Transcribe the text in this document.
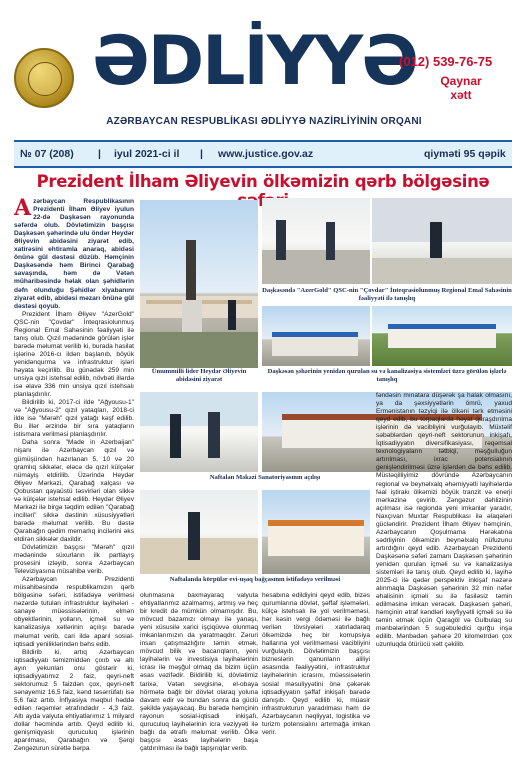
ƏDLİYYƏ
(012) 539-76-75
Qaynar
xətt
AZƏRBAYCAN RESPUBLİKASI ƏDLİYYƏ NAZİRLİYİNİN ORQANI
№ 07 (208) | iyul 2021-ci il | www.justice.gov.az	qiyməti 95 qəpik
Prezident İlham Əliyevin ölkəmizin qərb bölgəsinə

Azərbaycan Respublikasının Prezidenti İlham Əliyev iyulun 22-də Daşkəsən rayonunda səfərdə olub. Dövlətimizin başçısı Daşkəsən şəhərində ulu öndər Heydər Əliyevin abidəsini ziyarət edib, xatirəsini ehtiramla anaraq, abidəsi önünə gül dəstəsi düzüb. Həmçinin Daşkəsəndə həm Birinci Qarabağ savaşında, həm də Vətən müharibəsində həlak olan şəhidlərin dəfn olunduğu Şəhidlər xiyabanını ziyarət edib, abidəsi məzarı önünə gül dəstəsi qoyub.

Prezident İlham Əliyev "AzerGold" QSC-nin "Çovdar" İnteqrasiolunmuş Regional Emal Sahəsinin fəaliyyəti ilə tanış olub. Qızıl mədəninde görülən işlər barədə məlumat verilib ki, burada hasilat işlərinə 2016-cı ildən başlanıb, böyük yenidənqurma və infrastruktur işləri həyata keçirilib. Bu günədək 259 min unsiya qızıl istehsal edilib, növbəti illərdə isə əlavə 336 min unsiya qızıl istehsalı planlaşdırılır.

Bildirilib ki, 2017-ci ilde "Ağyousu-1" və "Ağyousu-2" qızıl yataqları, 2018-ci ilde isə "Mərəh" qızıl yatağı kəşf edilib. Bu illər ərzində bir sıra yataqların istismara verilməsi planlaşdırılır.

Daha sonra "Made in Azerbaijan" nişanı ilə Azərbaycan qızıl və gümüşündən hazırlanan 5, 10 və 20 qramlıq sikkələr, eləcə də qızıl külçələr nümayiş etdirilib. Üzərində Heydər Əliyev Mərkəzi, Qarabağ xalçası və Qobustan qayaüstü təsvirləri olan sikkə və külçələr istehsal edilib. Heydər Əliyev Mərkəzi ilə birgə təqdim edilən "Qarabağ incilləri" sikkə dəstinin xüsusiyyətləri barədə məlumat verilib. Bu dəstə Qarabağın qədim memarlıq incilərini əks etdirən sikkələr daxildir.

Dövlətimizin başçısı "Mərəh" qızıl mədənində süxurların ilk partlayış prosesini izləyib, sonra Azərbaycan Televiziyasına müsahibə verib.

Azərbaycan Prezidenti müsahibəsində respublikamızın qərb bölgəsinə səfəri, istifadəyə verilməsi nəzərdə tutulan infrastruktur layihələri - sanaye müəssisələrinin, elmən obyektlərinin, yolların, içməli su və kanalizasiya xətlərinin açılışı barədə məlumat verib, cari ildə aparıl sosial-iqtisadi yeniliklərindən bəhs edib.

Bildirib ki, artıq Azərbaycan iqtisadiyyatı təmizmiddən çıxıb və altı ayın yekunları onu göstərir ki, iqtisadiyyatımız 2 faiz, qeyri-neft sektorumuz 5 faizdən çox, qeyri-neft sənayemiz 16,5 faiz, kənd təsərrüfatı isə 5,6 faiz artıb. İnflyasiya məqbul həddə edilən rəqəmlər ətrafındadır - 4,3 faiz. Altı ayda valyuta ehtiyatlarımız 1 milyard dollar həcmində artıb. Qeyd edilib ki, genişmiqyaslı quruculuq işlərinin aparılması, Qarabağın və Şərqi Zəngəzurun sürətlə bərpa

Ümummilli lider Heydər Əliyevin abidəsini ziyarət
Daşkəsəndə "AzerGold" QSC-nin "Çovdar" İnteqrasiolunmuş Regional Emal Sahəsinin fəaliyyəti ilə tanışlıq
Daşkəsən şəhərinin yenidən qurulan su və kanalizasiya sistemləri üzrə görülən işlərlə tanışlıq
Naftalan Məkəzi Sanatoriyasının açılışı
Naftalanda körpülər evi-uşaq bağçasının istifadəyə verilməsi

olunmasına baxmayaraq valyuta ehtiyatlarımız azalmamış, artmış və heç bir kredit də mümkün olmamışdır. Bu, mövcud bazamızı olmayı ilə yanaşı, yeni xüsusilə xarici işçiqüvvə olunmaq imkanlarımızın da yaratmaqdır. Zəruri insan çatışmazlığını təmin etmək, mövcud bilik və bacarıqların, yeni layihələrin və investisiya layihələrinin icrası ilə məşğul olmaq da bizim üçün əsas vəzifədir. Bildirilib ki, dövlətimiz tarixə, Vətən sevgisinə, el-obaya hörmətə bağlı bir dövlət olaraq yoluna davam edir və bundan sonra da güclü şəkildə yaşayacaq. Bu barədə həmçinin rayonun sosial-iqtisadi inkişafı, quruculuq layihələrinin icra vəziyyəti ilə bağlı da ətraflı məlumat verilib. Ölkə başçısı əsas layihələrin başa çatdırılması ilə bağlı tapşırıqlar verib.

hesabına edildiyini qeyd edib, bizəs qurumlarına dövlət, şəffaf işləmələri, külçə istehsalı ilə yol verilməməsi, hər kəsin vergi ödəməsi ilə bağlı verilən tövsiyələri xatırladaraq ölkəmizdə heç bir korrupsiya hallarına yol verilməməsi vacibliyini vurğulayıb. Dövlətimizin başçısı bizneslərin qanunların aliliyi əsasında fəaliyyətini, infrastruktur layihələrinin icrasını, müəssisələrin sosial məsuliyyətini önə çəkərək iqtisadiyyatın şəffaf inkişafı barədə danışıb. Qeyd edilib ki, müasir infrastrukturun yaradılması həm də Azərbaycanın nəqliyyat, logistika və turizm potensialını artırmağa imkan verir.

fəndəsin mınatara düşərək şa halak olmasını, ya da şəxsiyyətlərin ömrü, yaxud Ermənistanın təzyiqi ilə ölkəni tərk etməsini qeyd edib, bu torpaqlarda həyat quraşdırılma işlərinin də vacibliyini vurğulayıb. Müxtəlif səbəblərdən qeyri-neft sektorunun inkişafı, İqtisadiyyatın diversifikasiyası, rəqəmsal texnologiyaların tətbiqi, məşğulluğun artırılması, ixrac potensialının genişləndirilməsi üzrə işlərdən də bəhs edilib. Müstəqilliyimiz dövründə Azərbaycanın regional və beynəlxalq əhəmiyyətli layihələrdə fəal iştirakı ölkəmizi böyük tranzit və enerji mərkəzinə çevirib. Zəngəzur dəhlizinin açılması isə regionda yeni imkanlar yaradır, Naxçıvan Muxtar Respublikası ilə əlaqələri gücləndirir. Prezident İlham Əliyev həmçinin, Azərbaycanın Qoşulmama Hərəkatına sədrliyinin ölkəmizin beynəlxalq nüfuzunu artırdığını qeyd edib. Azərbaycan Prezidenti Daşkəsənə səfəri zamanı Daşkəsən şəhərinin yenidən qurulan içməli su və kanalizasiya sistemləri ilə tanış olub. Qeyd edilib ki, layihə 2025-ci ilə qədər perspektiv inkişaf nəzərə alınmaqla Daşkəsən şəhərinin 32 min nəfər əhalisinin içməli su ilə fasiləsiz təmin edilməsinə imkan verəcək. Daşkəsən şəhəri, həmçinin ətraf kəndləri keyfiyyətli içməli su ilə təmin etmək üçün Qaragöl və Gulbulaq su mənbələrindən 5 sugəbuledici qurğu inşa edilib. Mənbədən şəhərə 20 kilometrdən çox uzunluqda ötürücü xətt çəkilib.
